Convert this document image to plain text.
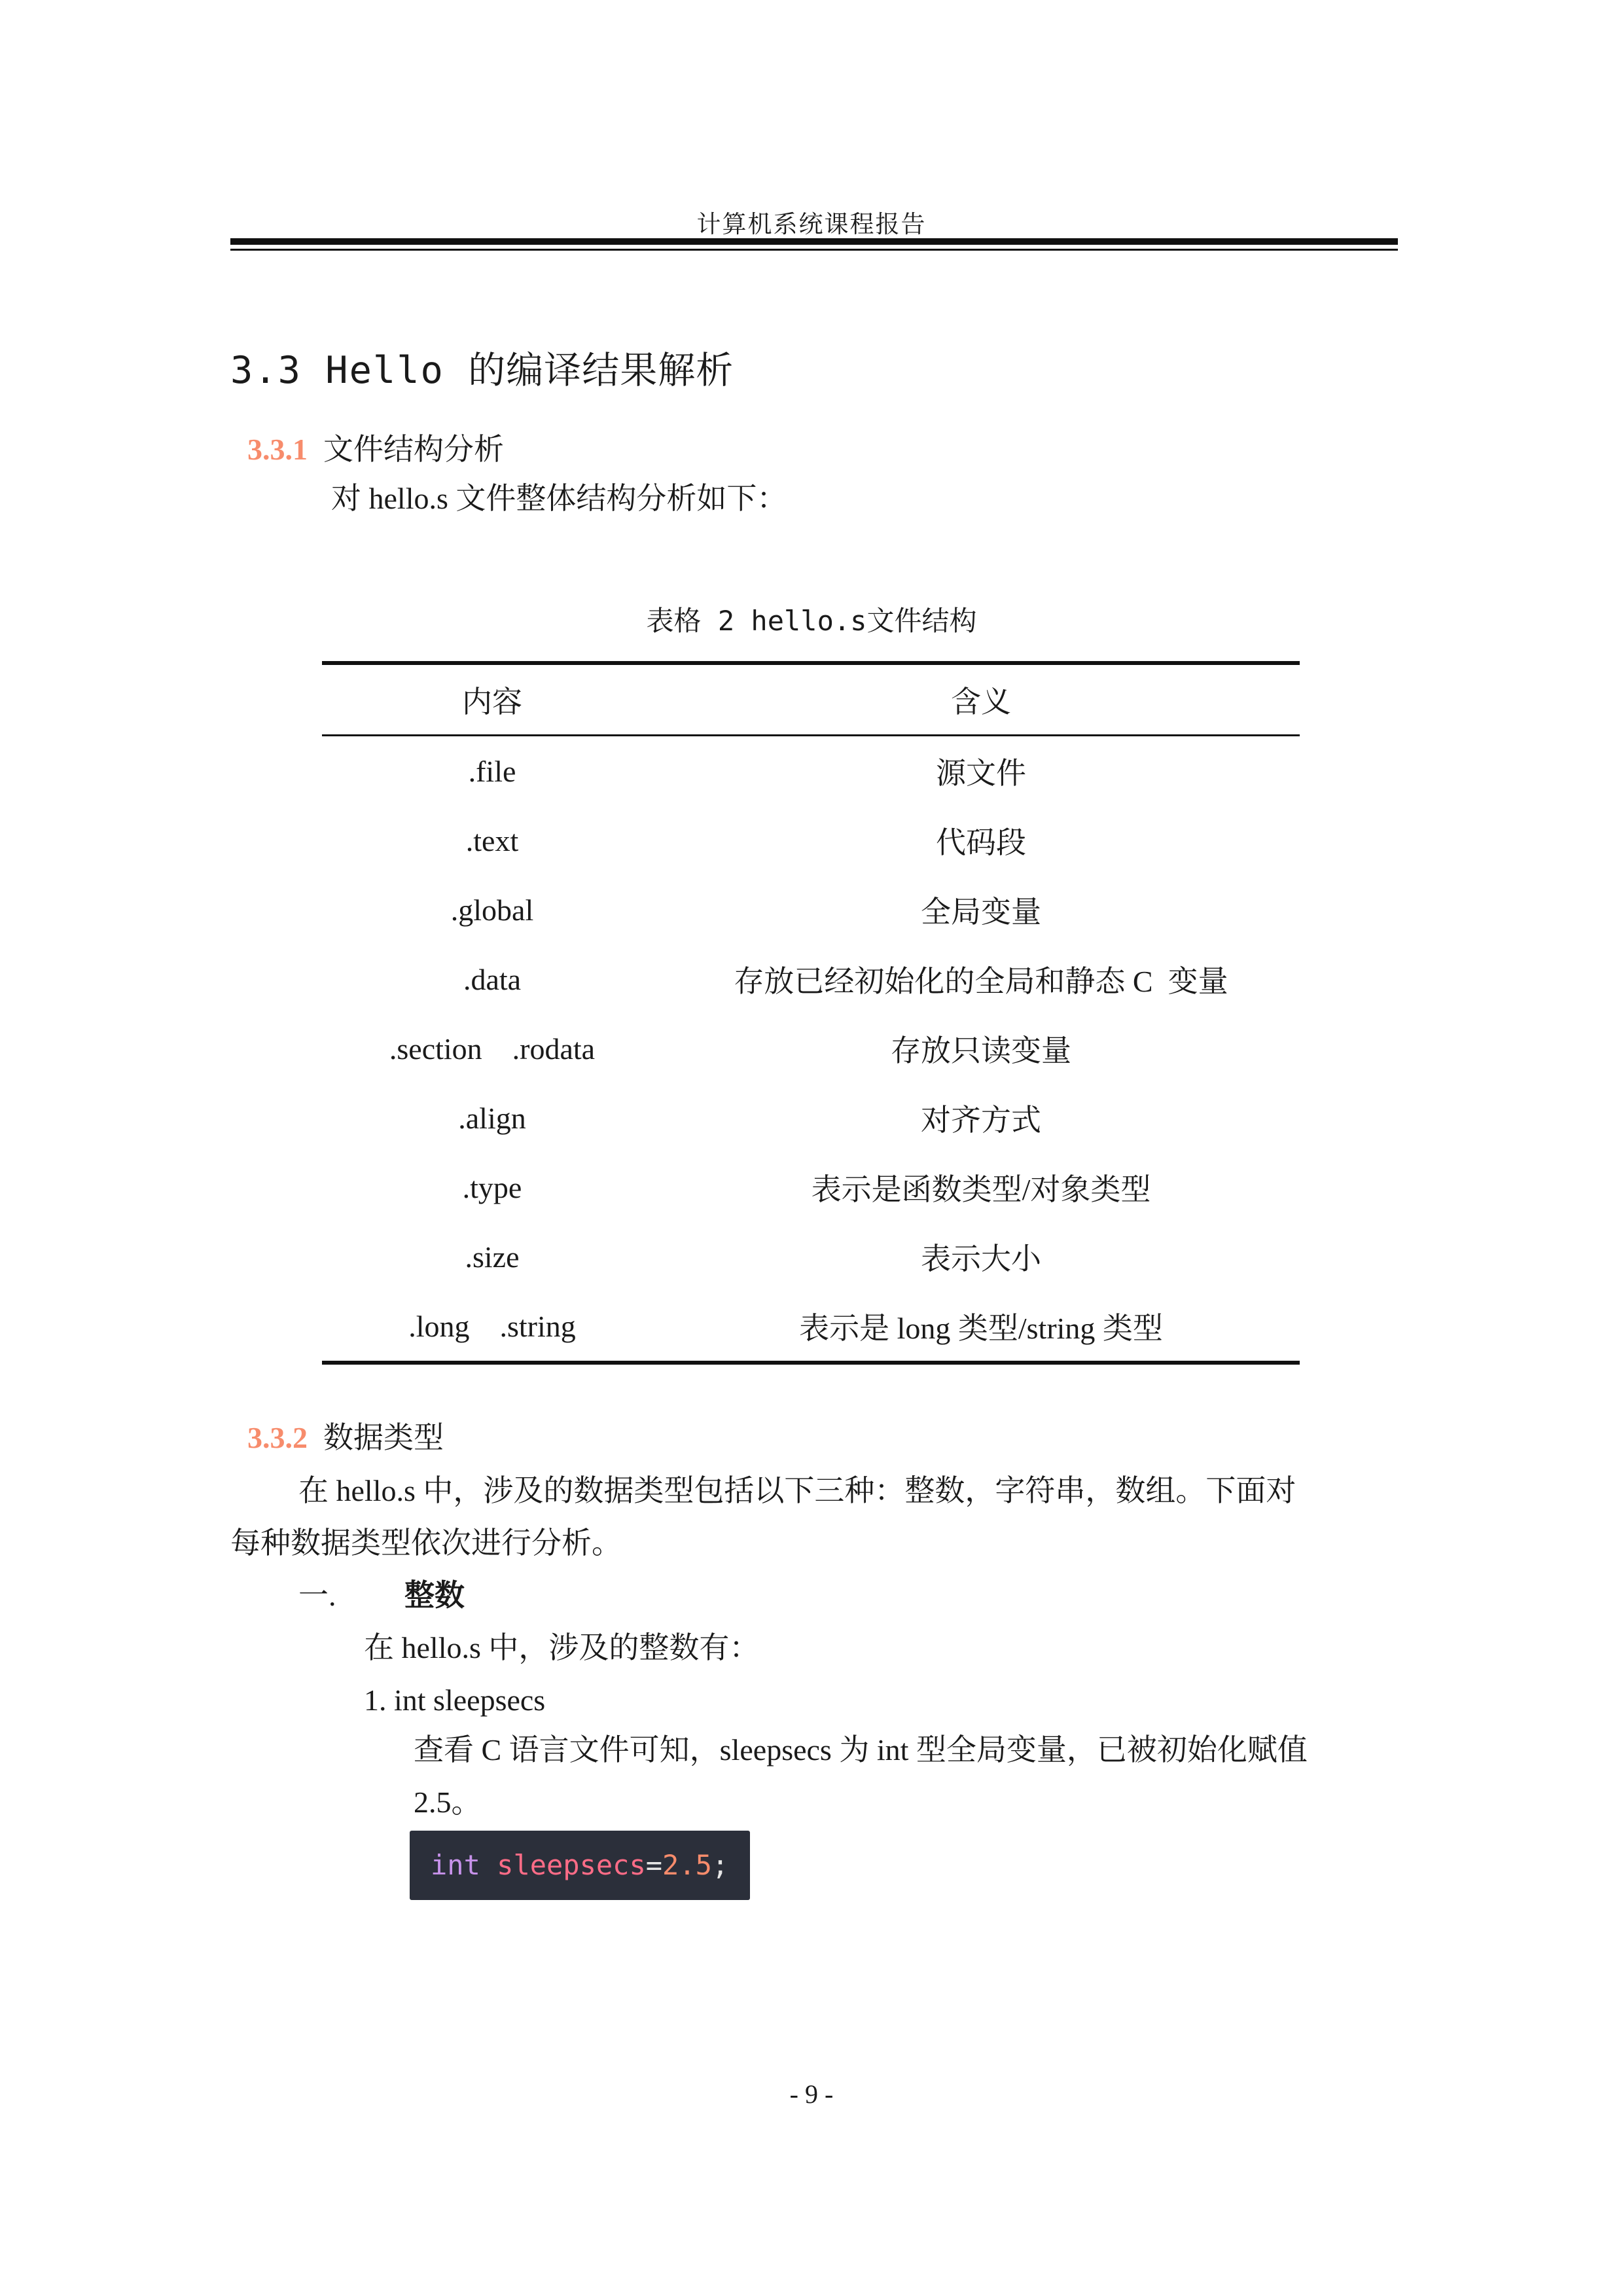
计算机系统课程报告
3.3 Hello 的编译结果解析
3.3.1 文件结构分析
对 hello.s 文件整体结构分析如下：
表格 2 hello.s文件结构
内容	含义
.file	源文件
.text	代码段
.global	全局变量
.data	存放已经初始化的全局和静态 C  变量
.section    .rodata	存放只读变量
.align	对齐方式
.type	表示是函数类型/对象类型
.size	表示大小
.long    .string	表示是 long 类型/string 类型
3.3.2 数据类型
在 hello.s 中，涉及的数据类型包括以下三种：整数，字符串，数组。下面对
每种数据类型依次进行分析。
一. 整数
在 hello.s 中，涉及的整数有：
1. int sleepsecs
查看 C 语言文件可知，sleepsecs 为 int 型全局变量，已被初始化赋值
2.5。
int sleepsecs=2.5;
- 9 -
